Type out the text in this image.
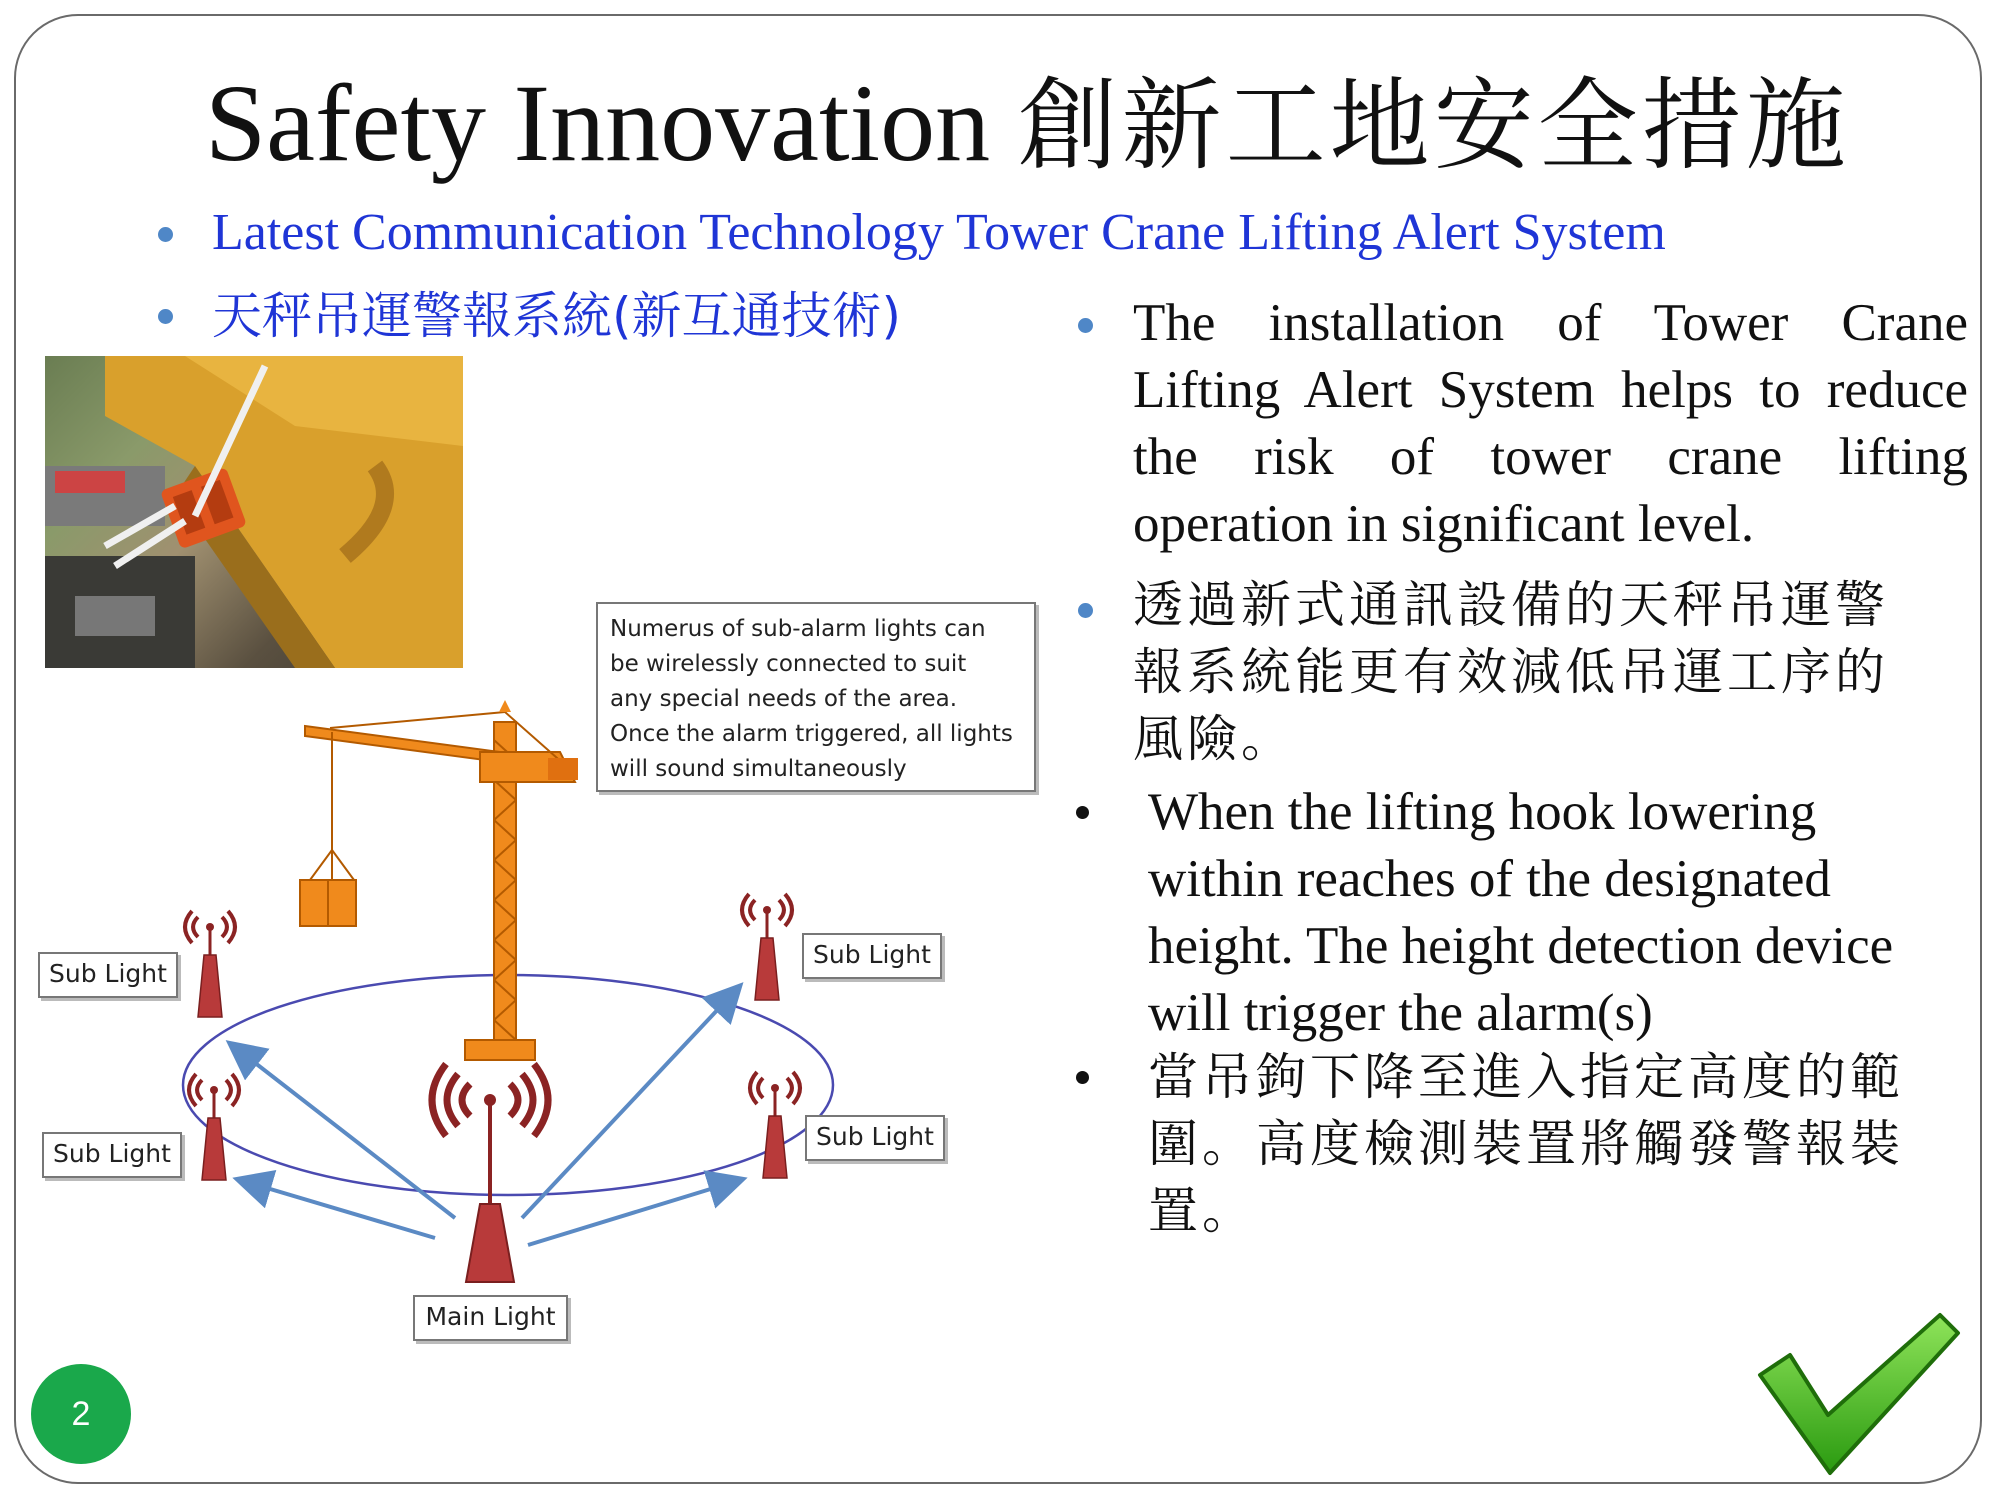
Safety Innovation 創新工地安全措施
Latest Communication Technology Tower Crane Lifting Alert System
天秤吊運警報系統(新互通技術)
Numerus of sub-alarm lights can
be wirelessly connected to suit
any special needs of the area.
Once the alarm triggered, all lights
will sound simultaneously
Sub Light
Sub Light
Sub Light
Sub Light
Main Light
The installation of Tower Crane
Lifting Alert System helps to reduce
the risk of tower crane lifting
operation in significant level.
透過新式通訊設備的天秤吊運警
報系統能更有效減低吊運工序的
風險。
When the lifting hook lowering
within reaches of the designated
height. The height detection device
will trigger the alarm(s)
當吊鉤下降至進入指定高度的範
圍。高度檢測裝置將觸發警報裝
置。
2
